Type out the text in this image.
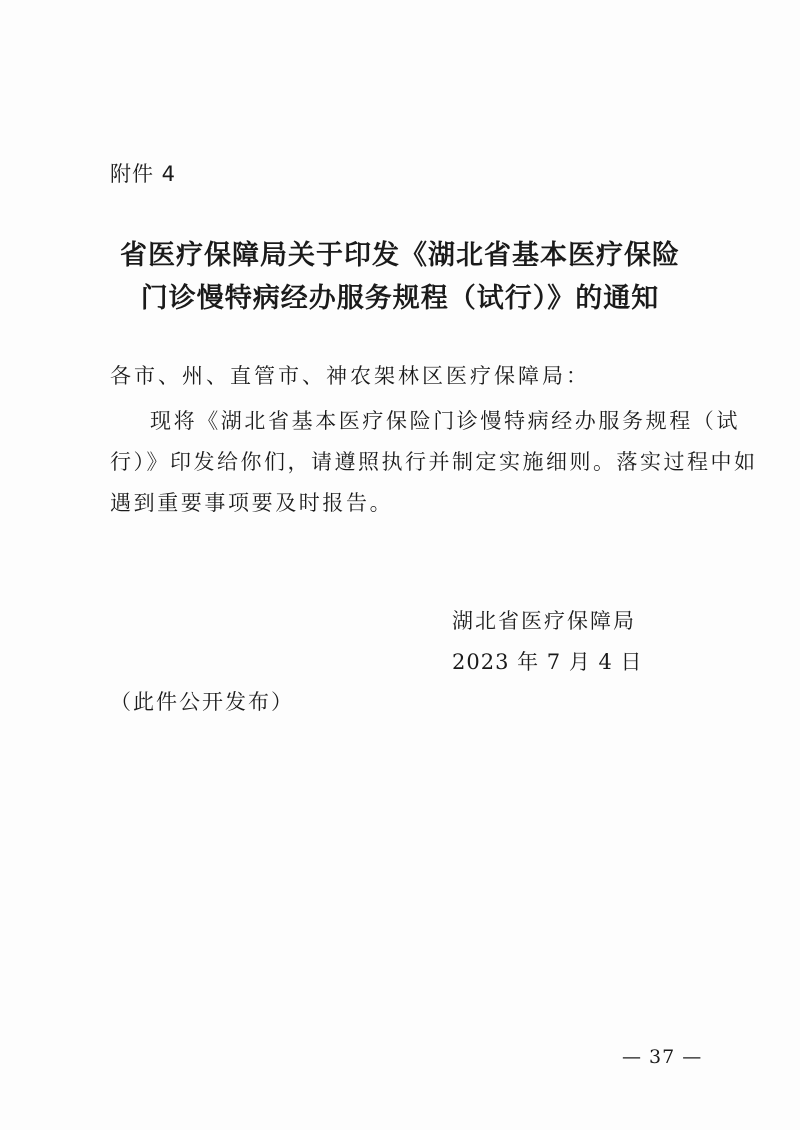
附件 4
省医疗保障局关于印发《湖北省基本医疗保险
门诊慢特病经办服务规程（试行）》的通知
各市、州、直管市、神农架林区医疗保障局：
现将《湖北省基本医疗保险门诊慢特病经办服务规程（试
行）》印发给你们，请遵照执行并制定实施细则。落实过程中如
遇到重要事项要及时报告。
湖北省医疗保障局
2023 年 7 月 4 日
（此件公开发布）
— 37 —
